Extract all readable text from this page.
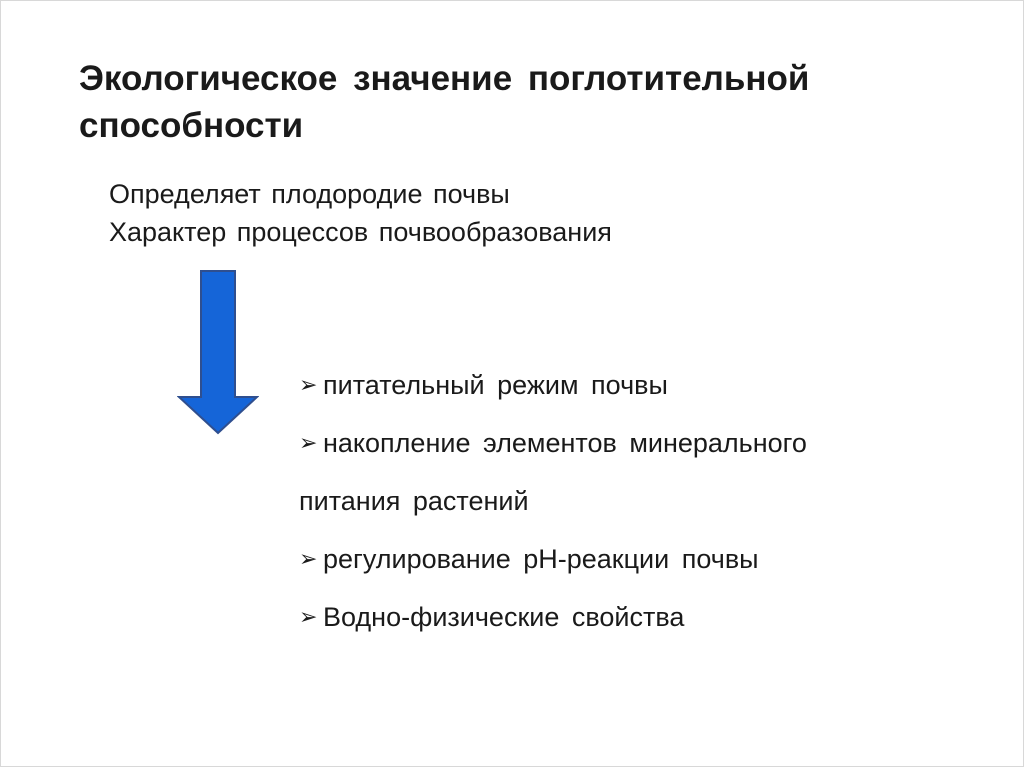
Экологическое значение поглотительной
способности
Определяет плодородие почвы
Характер процессов почвообразования
➢ питательный режим почвы
➢ накопление элементов минерального
питания растений
➢ регулирование рН-реакции почвы
➢ Водно-физические свойства
